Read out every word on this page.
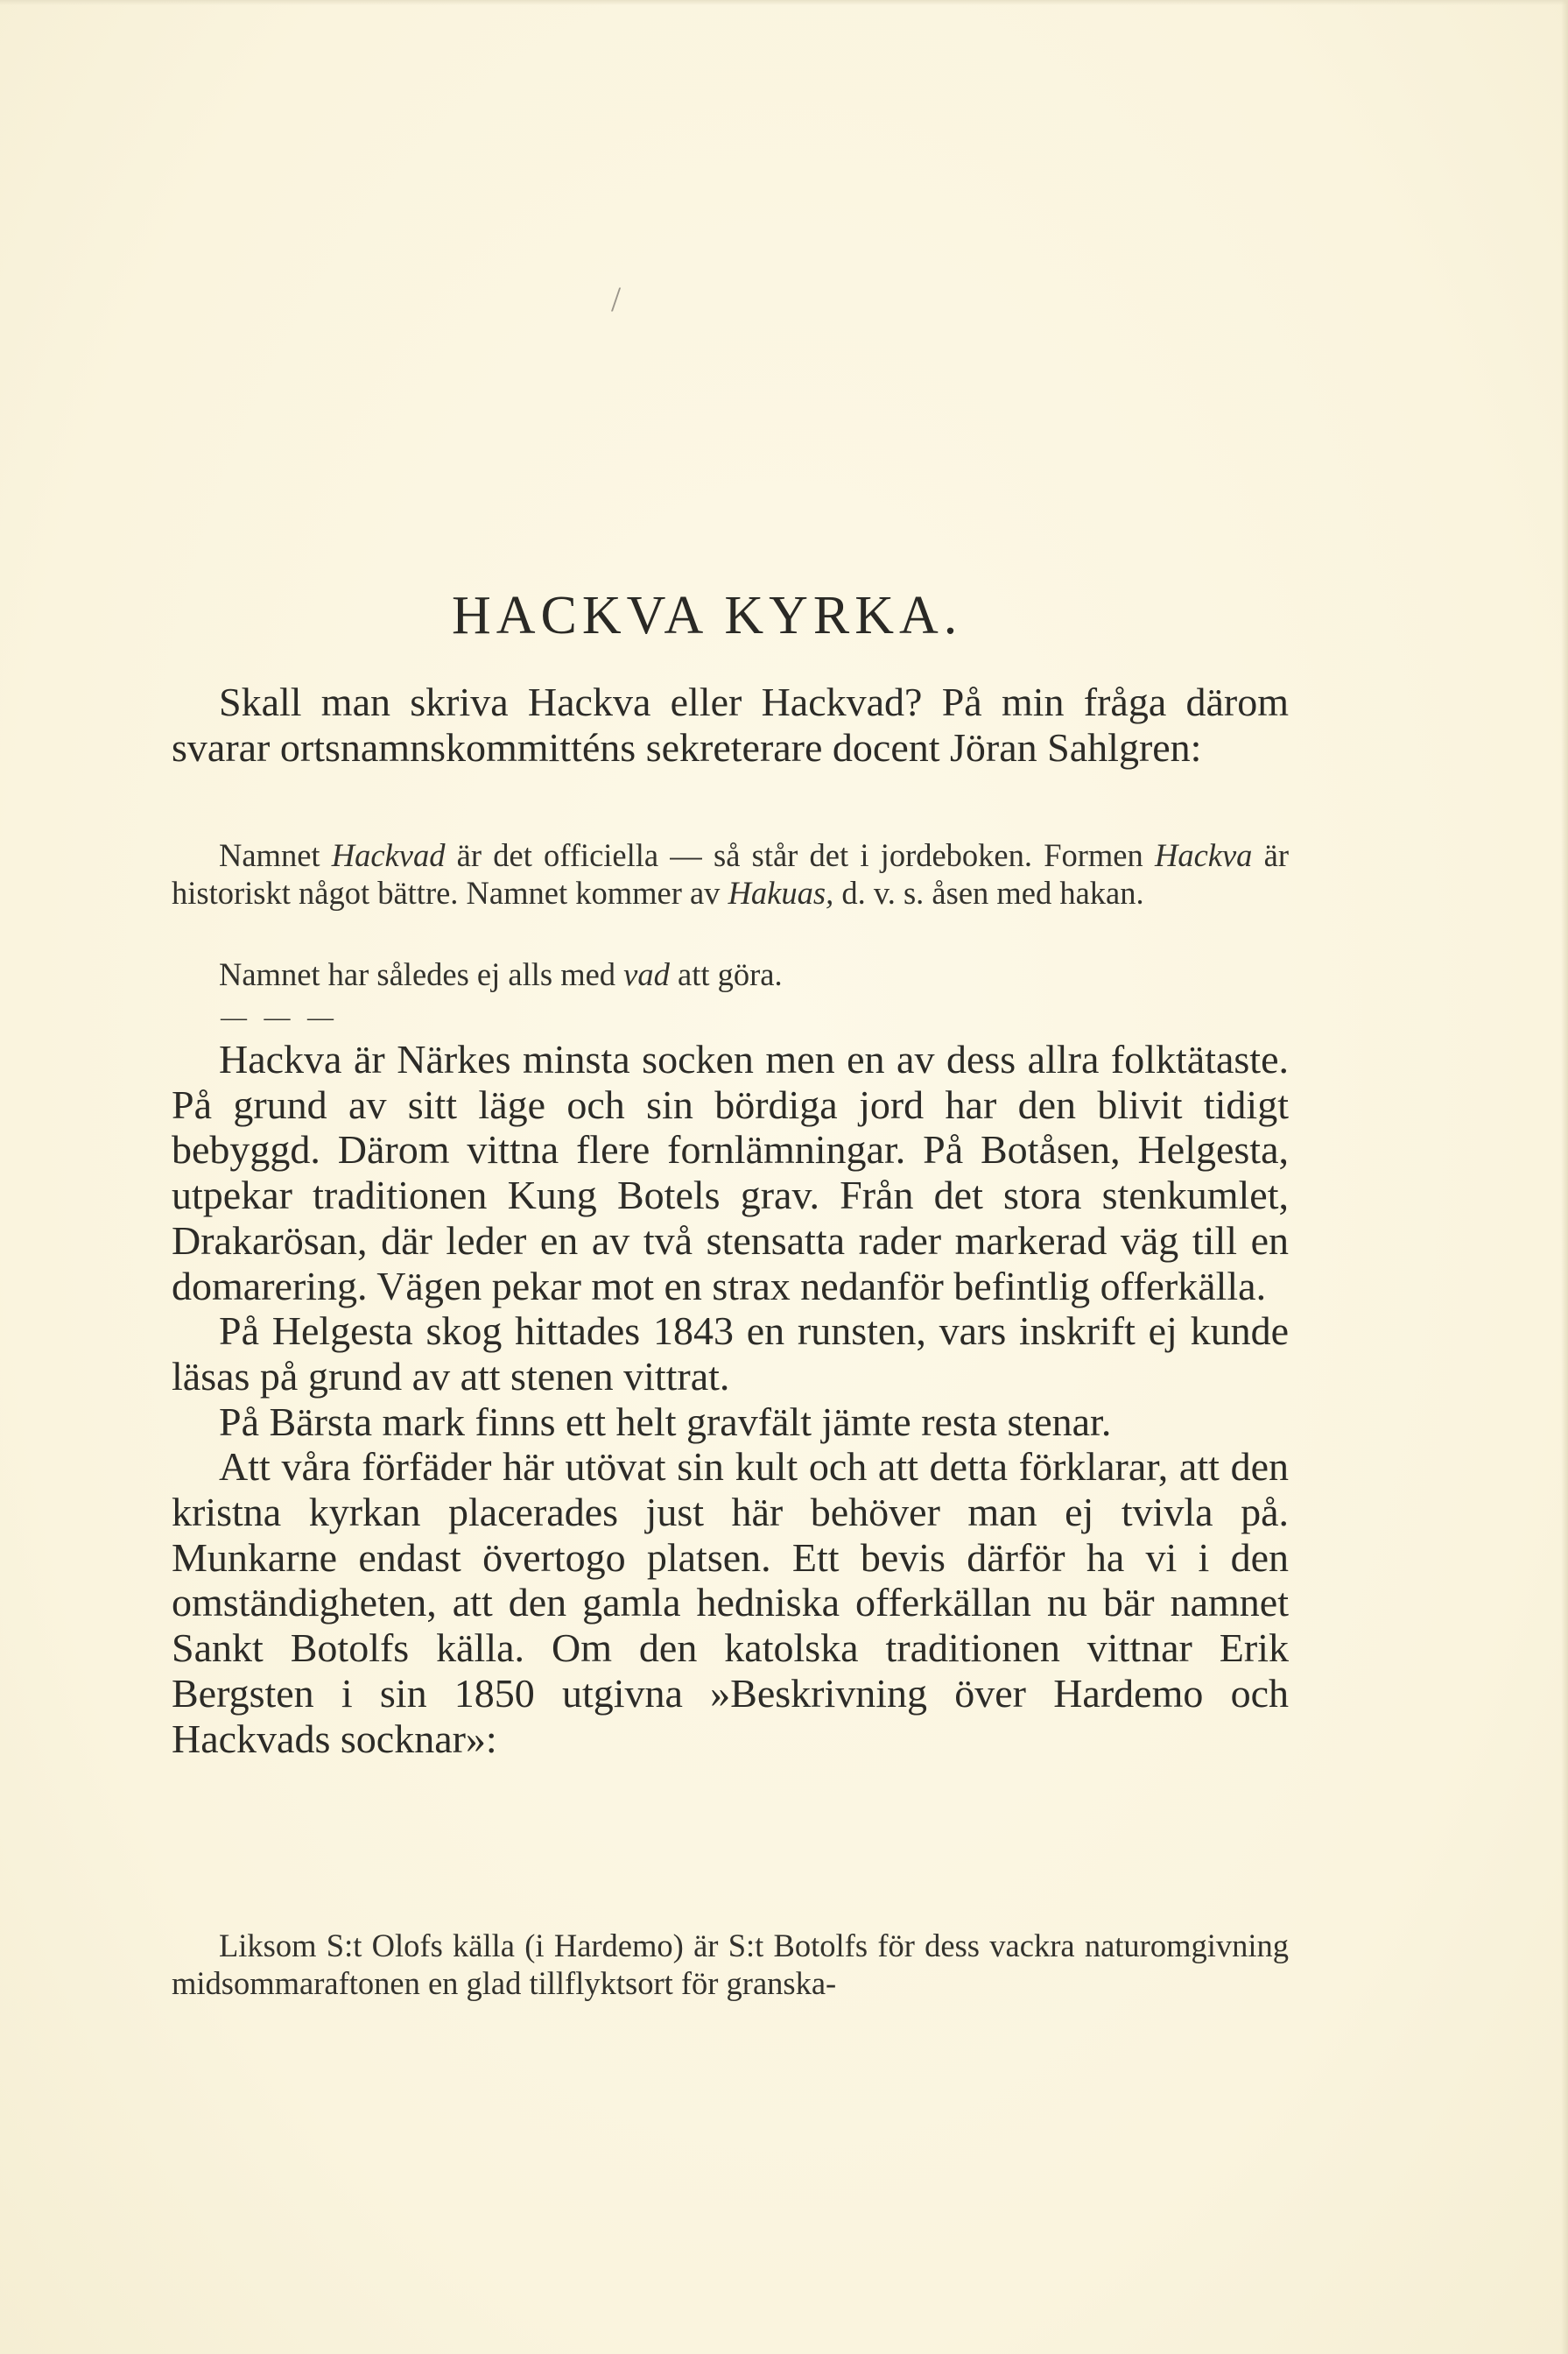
/
HACKVA KYRKA.

Skall man skriva Hackva eller Hackvad? På min fråga därom svarar ortsnamnskommitténs sekreterare docent Jöran Sahlgren:

Namnet Hackvad är det officiella — så står det i jordeboken. Formen Hackva är historiskt något bättre. Namnet kommer av Hakuas, d. v. s. åsen med hakan.

Namnet har således ej alls med vad att göra.

— — —

Hackva är Närkes minsta socken men en av dess allra folktätaste. På grund av sitt läge och sin bördiga jord har den blivit tidigt bebyggd. Därom vittna flere fornlämningar. På Botåsen, Helgesta, utpekar traditionen Kung Botels grav. Från det stora stenkumlet, Drakarösan, där leder en av två stensatta rader markerad väg till en domarering. Vägen pekar mot en strax nedanför befintlig offerkälla.

På Helgesta skog hittades 1843 en runsten, vars inskrift ej kunde läsas på grund av att stenen vittrat.

På Bärsta mark finns ett helt gravfält jämte resta stenar.

Att våra förfäder här utövat sin kult och att detta förklarar, att den kristna kyrkan placerades just här behöver man ej tvivla på. Munkarne endast övertogo platsen. Ett bevis därför ha vi i den omständigheten, att den gamla hedniska offerkällan nu bär namnet Sankt Botolfs källa. Om den katolska traditionen vittnar Erik Bergsten i sin 1850 utgivna »Beskrivning över Hardemo och Hackvads socknar»:

Liksom S:t Olofs källa (i Hardemo) är S:t Botolfs för dess vackra naturomgivning midsommaraftonen en glad tillflyktsort för granska-
